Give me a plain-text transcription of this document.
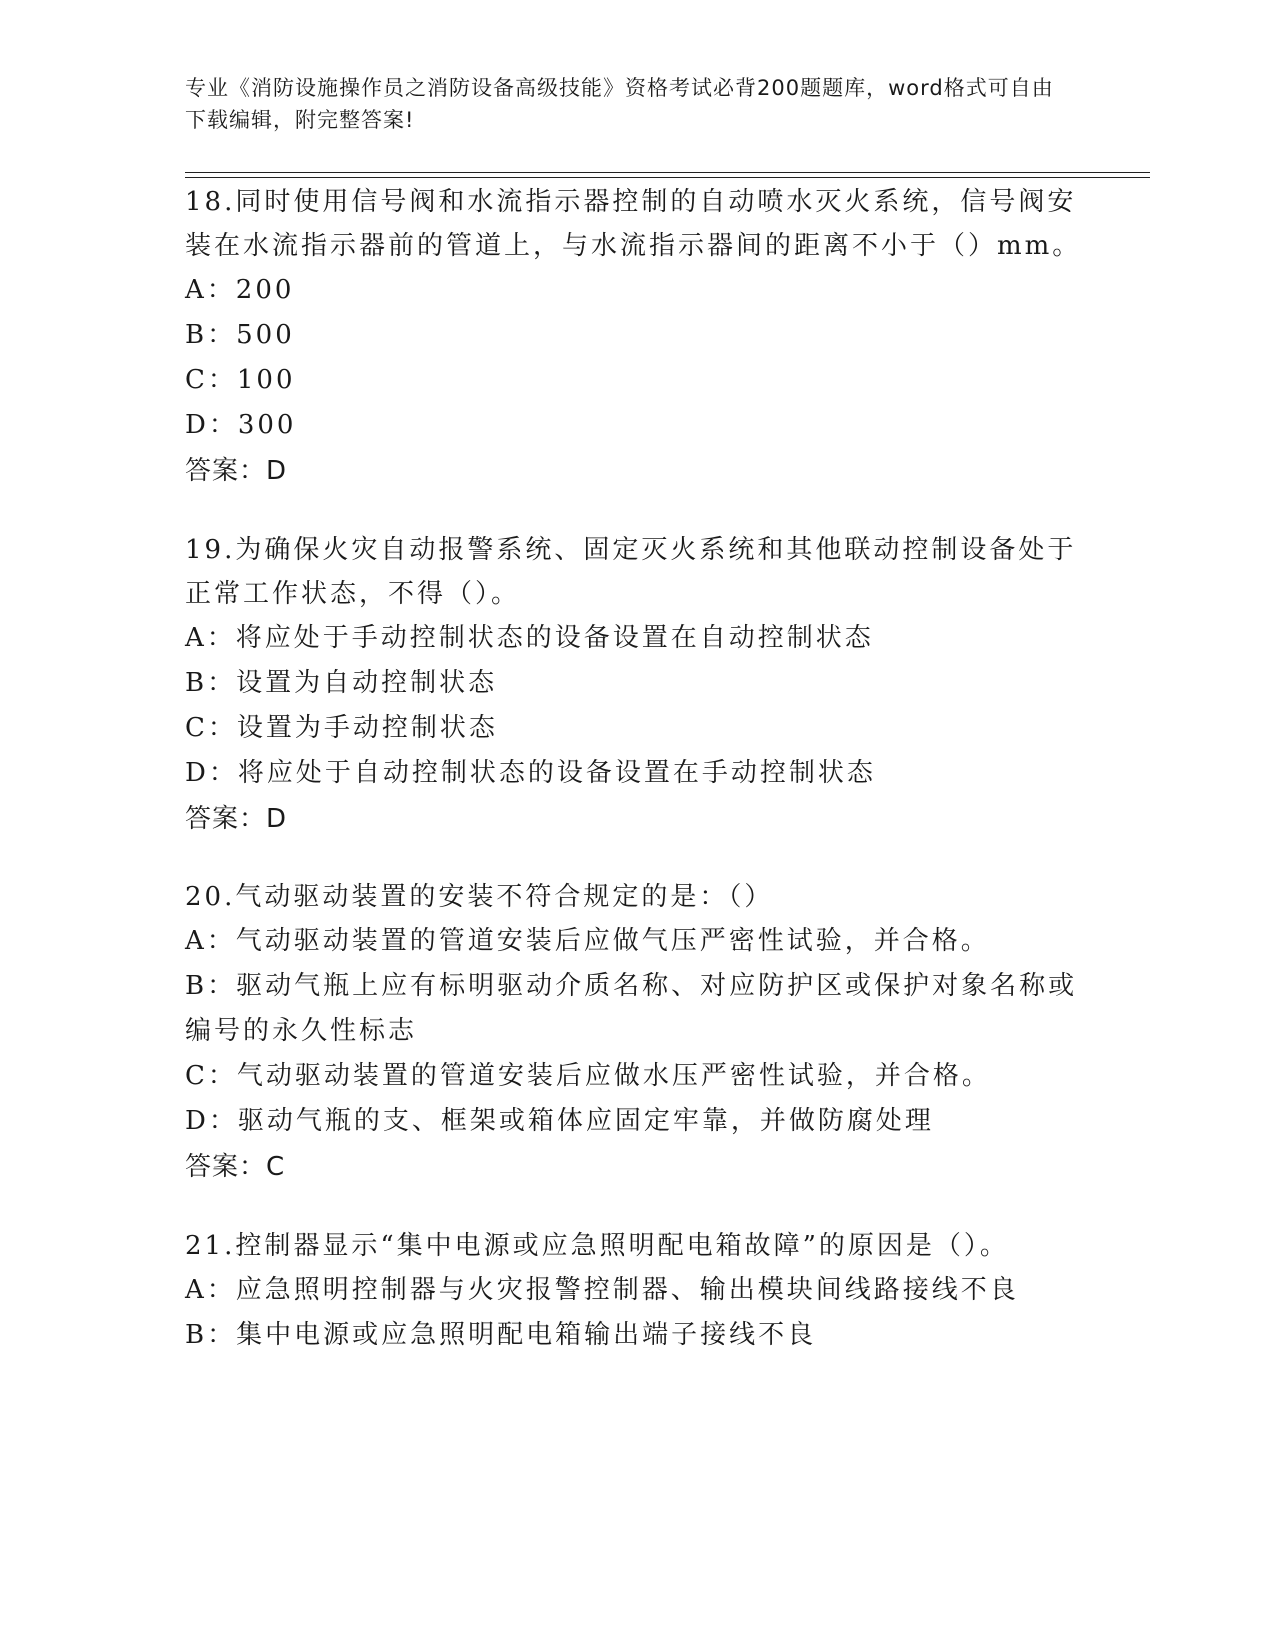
专业《消防设施操作员之消防设备高级技能》资格考试必背200题题库，word格式可自由下载编辑，附完整答案!
18.同时使用信号阀和水流指示器控制的自动喷水灭火系统，信号阀安装在水流指示器前的管道上，与水流指示器间的距离不小于（）mm。
A：200
B：500
C：100
D：300
答案：D
19.为确保火灾自动报警系统、固定灭火系统和其他联动控制设备处于正常工作状态，不得（）。
A：将应处于手动控制状态的设备设置在自动控制状态
B：设置为自动控制状态
C：设置为手动控制状态
D：将应处于自动控制状态的设备设置在手动控制状态
答案：D
20.气动驱动装置的安装不符合规定的是：（）
A：气动驱动装置的管道安装后应做气压严密性试验，并合格。
B：驱动气瓶上应有标明驱动介质名称、对应防护区或保护对象名称或编号的永久性标志
C：气动驱动装置的管道安装后应做水压严密性试验，并合格。
D：驱动气瓶的支、框架或箱体应固定牢靠，并做防腐处理
答案：C
21.控制器显示“集中电源或应急照明配电箱故障”的原因是（）。
A：应急照明控制器与火灾报警控制器、输出模块间线路接线不良
B：集中电源或应急照明配电箱输出端子接线不良
